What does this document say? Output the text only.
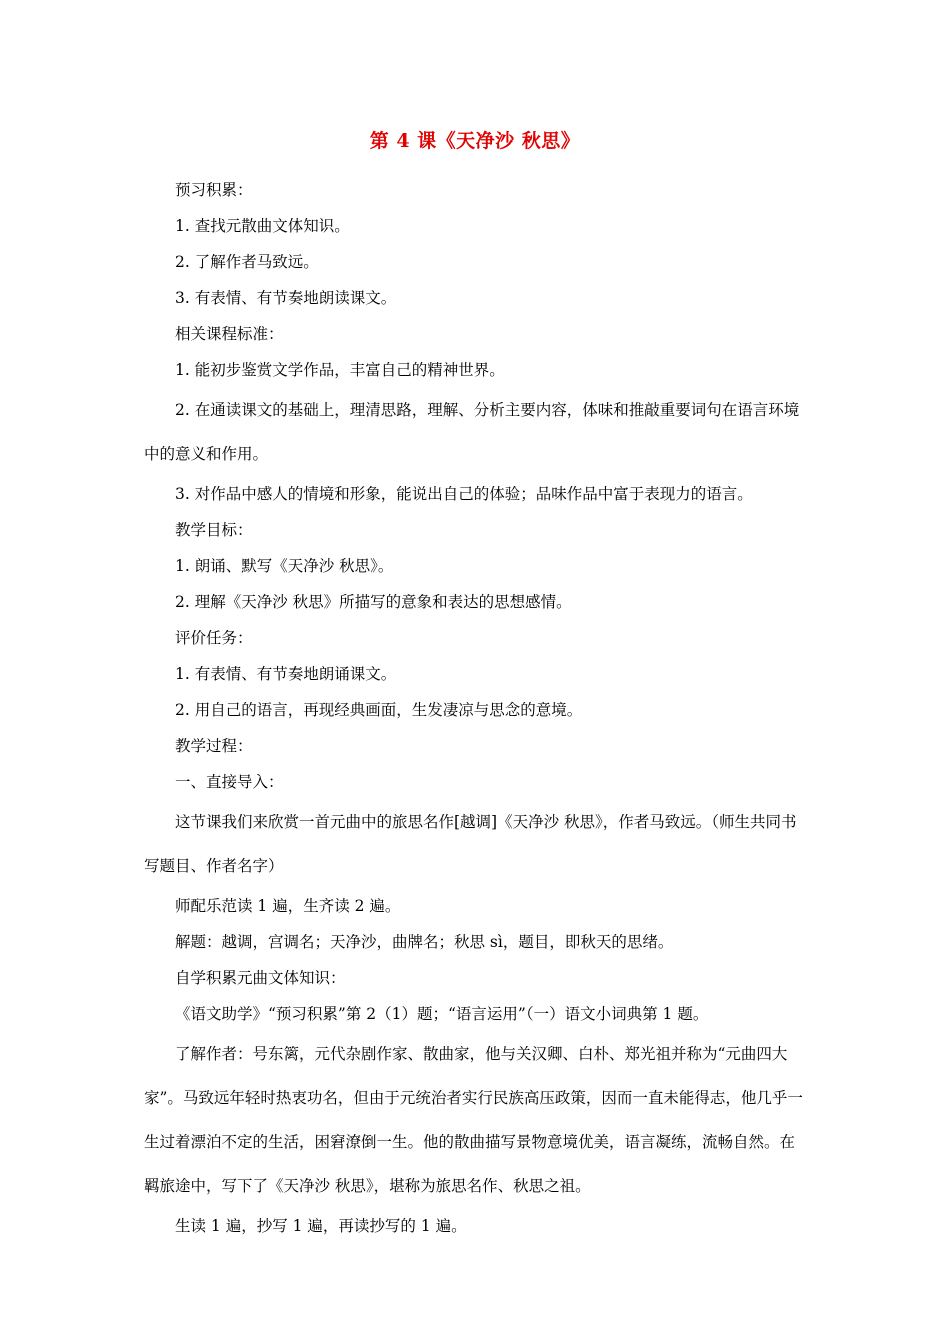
第 4 课《天净沙 秋思》

预习积累：

1. 查找元散曲文体知识。

2. 了解作者马致远。

3. 有表情、有节奏地朗读课文。

相关课程标准：

1. 能初步鉴赏文学作品，丰富自己的精神世界。

2. 在通读课文的基础上，理清思路，理解、分析主要内容，体味和推敲重要词句在语言环境中的意义和作用。

3. 对作品中感人的情境和形象，能说出自己的体验；品味作品中富于表现力的语言。

教学目标：

1. 朗诵、默写《天净沙 秋思》。

2. 理解《天净沙 秋思》所描写的意象和表达的思想感情。

评价任务：

1. 有表情、有节奏地朗诵课文。

2. 用自己的语言，再现经典画面，生发凄凉与思念的意境。

教学过程：

一、直接导入：

这节课我们来欣赏一首元曲中的旅思名作[越调]《天净沙 秋思》，作者马致远。（师生共同书写题目、作者名字）

师配乐范读 1 遍，生齐读 2 遍。

解题：越调，宫调名；天净沙，曲牌名；秋思 sì，题目，即秋天的思绪。

自学积累元曲文体知识：

《语文助学》“预习积累”第 2（1）题；“语言运用”（一）语文小词典第 1 题。

了解作者：号东篱，元代杂剧作家、散曲家，他与关汉卿、白朴、郑光祖并称为“元曲四大家”。马致远年轻时热衷功名，但由于元统治者实行民族高压政策，因而一直未能得志，他几乎一生过着漂泊不定的生活，困窘潦倒一生。他的散曲描写景物意境优美，语言凝练，流畅自然。在羁旅途中，写下了《天净沙 秋思》，堪称为旅思名作、秋思之祖。

生读 1 遍，抄写 1 遍，再读抄写的 1 遍。
